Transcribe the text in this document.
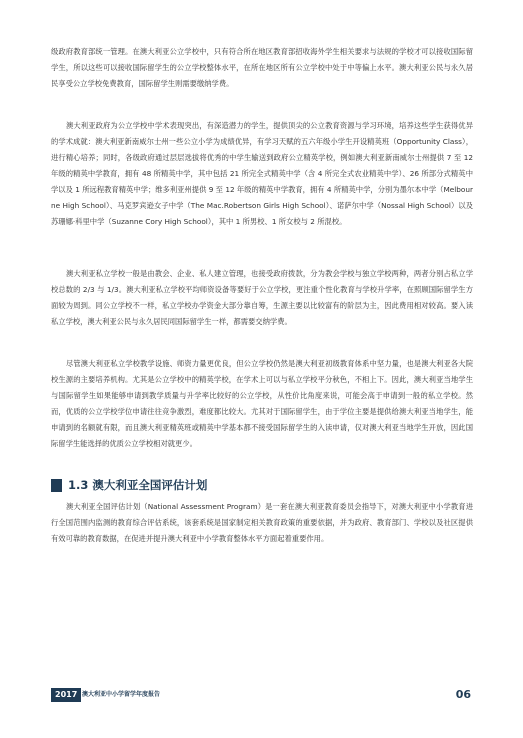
级政府教育部统一管理。在澳大利亚公立学校中，只有符合所在地区教育部招收海外学生相关要求与法规的学校才可以接收国际留学生，所以这些可以接收国际留学生的公立学校整体水平，在所在地区所有公立学校中处于中等偏上水平。澳大利亚公民与永久居民享受公立学校免费教育，国际留学生则需要缴纳学费。

澳大利亚政府为公立学校中学术表现突出，有深造潜力的学生，提供顶尖的公立教育资源与学习环境，培养这些学生获得优异的学术成就：澳大利亚新南威尔士州一些公立小学为成绩优异，有学习天赋的五六年级小学生开设精英班（Opportunity Class），进行精心培养；同时，各级政府通过层层选拔将优秀的中学生输送到政府公立精英学校，例如澳大利亚新南威尔士州提供 7 至 12 年级的精英中学教育，拥有 48 所精英中学，其中包括 21 所完全式精英中学（含 4 所完全式农业精英中学）、26 所部分式精英中学以及 1 所远程教育精英中学；维多利亚州提供 9 至 12 年级的精英中学教育，拥有 4 所精英中学，分别为墨尔本中学（Melbourne High School）、马克罗宾逊女子中学（The Mac.Robertson Girls High School）、诺萨尔中学（Nossal High School）以及苏珊娜·科里中学（Suzanne Cory High School），其中 1 所男校、1 所女校与 2 所混校。

澳大利亚私立学校一般是由教会、企业、私人建立管理，也接受政府拨款，分为教会学校与独立学校两种，两者分别占私立学校总数的 2/3 与 1/3。澳大利亚私立学校平均师资设备等要好于公立学校，更注重个性化教育与学校升学率，在照顾国际留学生方面较为周到。同公立学校不一样，私立学校办学资金大部分靠自筹，生源主要以比较富有的阶层为主，因此费用相对较高。要入读私立学校，澳大利亚公民与永久居民同国际留学生一样，都需要交纳学费。

尽管澳大利亚私立学校教学设施、师资力量更优良，但公立学校仍然是澳大利亚初级教育体系中坚力量，也是澳大利亚各大院校生源的主要培养机构。尤其是公立学校中的精英学校，在学术上可以与私立学校平分秋色，不相上下。因此，澳大利亚当地学生与国际留学生如果能够申请到教学质量与升学率比较好的公立学校，从性价比角度来说，可能会高于申请到一般的私立学校。然而，优质的公立学校学位申请往往竞争激烈，难度都比较大。尤其对于国际留学生，由于学位主要是提供给澳大利亚当地学生，能申请到的名额就有限，而且澳大利亚精英班或精英中学基本都不接受国际留学生的入读申请，仅对澳大利亚当地学生开放，因此国际留学生能选择的优质公立学校相对就更少。

1.3 澳大利亚全国评估计划

澳大利亚全国评估计划（National Assessment Program）是一套在澳大利亚教育委员会指导下，对澳大利亚中小学教育进行全国范围内监测的教育综合评估系统，该套系统是国家制定相关教育政策的重要依据，并为政府、教育部门、学校以及社区提供有效可靠的教育数据，在促进并提升澳大利亚中小学教育整体水平方面起着重要作用。

2017 澳大利亚中小学留学年度报告	06
